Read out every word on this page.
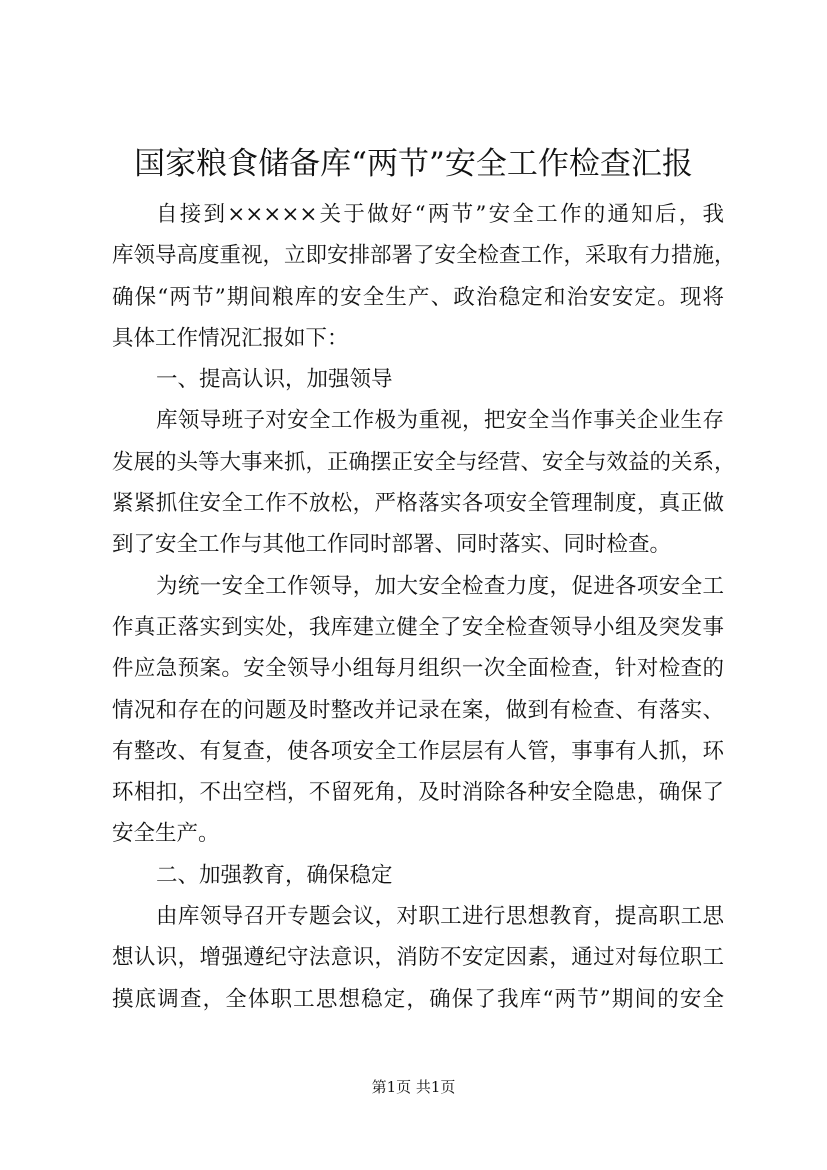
国家粮食储备库“两节”安全工作检查汇报
自接到×××××关于做好“两节”安全工作的通知后，我
库领导高度重视，立即安排部署了安全检查工作，采取有力措施，
确保“两节”期间粮库的安全生产、政治稳定和治安安定。现将
具体工作情况汇报如下：
一、提高认识，加强领导
库领导班子对安全工作极为重视，把安全当作事关企业生存
发展的头等大事来抓，正确摆正安全与经营、安全与效益的关系，
紧紧抓住安全工作不放松，严格落实各项安全管理制度，真正做
到了安全工作与其他工作同时部署、同时落实、同时检查。
为统一安全工作领导，加大安全检查力度，促进各项安全工
作真正落实到实处，我库建立健全了安全检查领导小组及突发事
件应急预案。安全领导小组每月组织一次全面检查，针对检查的
情况和存在的问题及时整改并记录在案，做到有检查、有落实、
有整改、有复查，使各项安全工作层层有人管，事事有人抓，环
环相扣，不出空档，不留死角，及时消除各种安全隐患，确保了
安全生产。
二、加强教育，确保稳定
由库领导召开专题会议，对职工进行思想教育，提高职工思
想认识，增强遵纪守法意识，消防不安定因素，通过对每位职工
摸底调查，全体职工思想稳定，确保了我库“两节”期间的安全
第1页 共1页
